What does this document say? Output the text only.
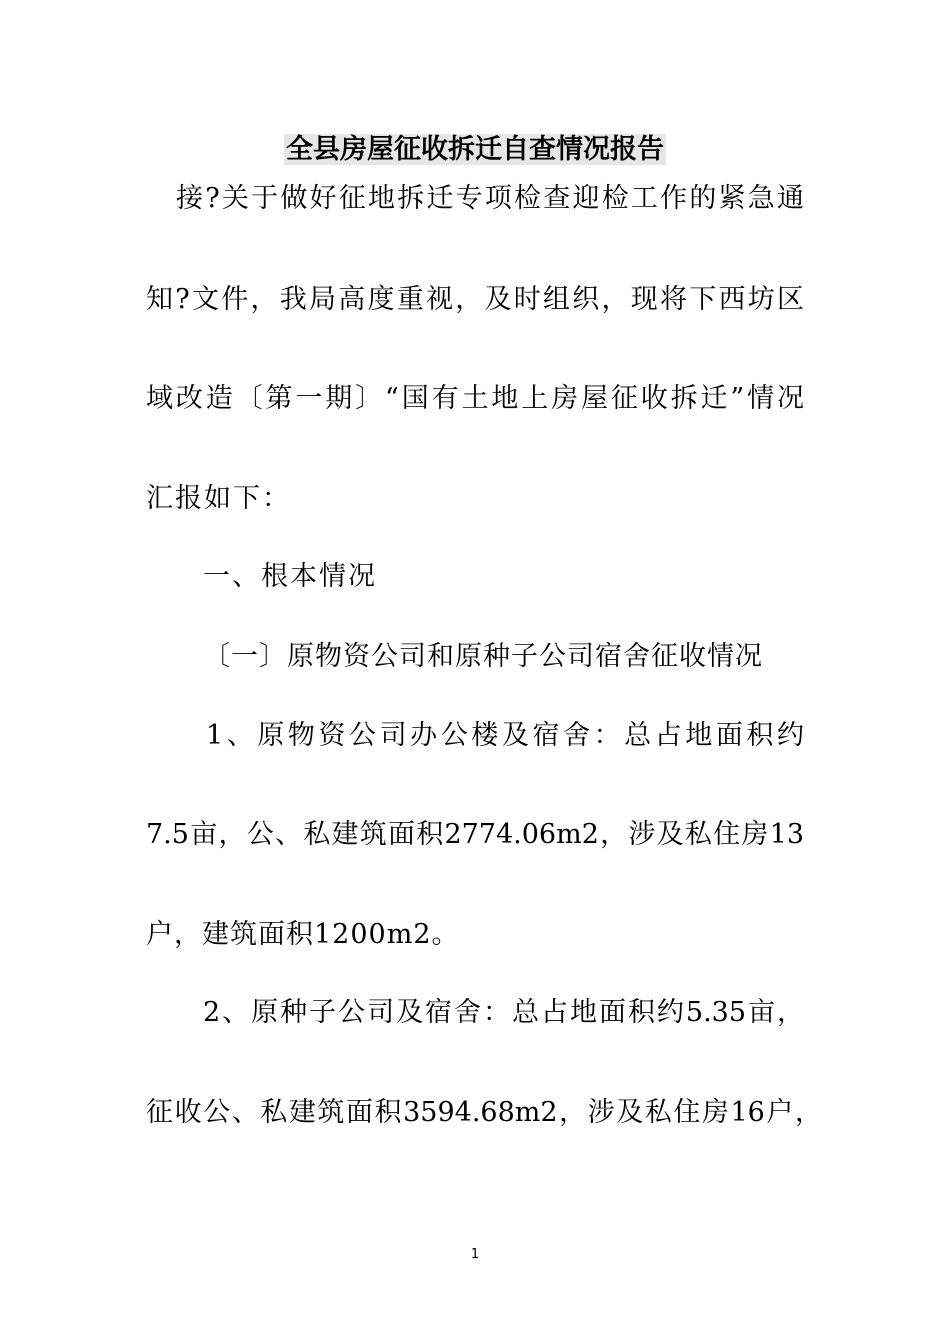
全县房屋征收拆迁自查情况报告
接?关于做好征地拆迁专项检查迎检工作的紧急通
知?文件，我局高度重视，及时组织，现将下西坊区
域改造〔第一期〕“国有土地上房屋征收拆迁”情况
汇报如下：
一、根本情况
〔一〕原物资公司和原种子公司宿舍征收情况
1、原物资公司办公楼及宿舍：总占地面积约
7.5亩，公、私建筑面积2774.06m2，涉及私住房13
户，建筑面积1200m2。
2、原种子公司及宿舍：总占地面积约5.35亩，
征收公、私建筑面积3594.68m2，涉及私住房16户，
1
